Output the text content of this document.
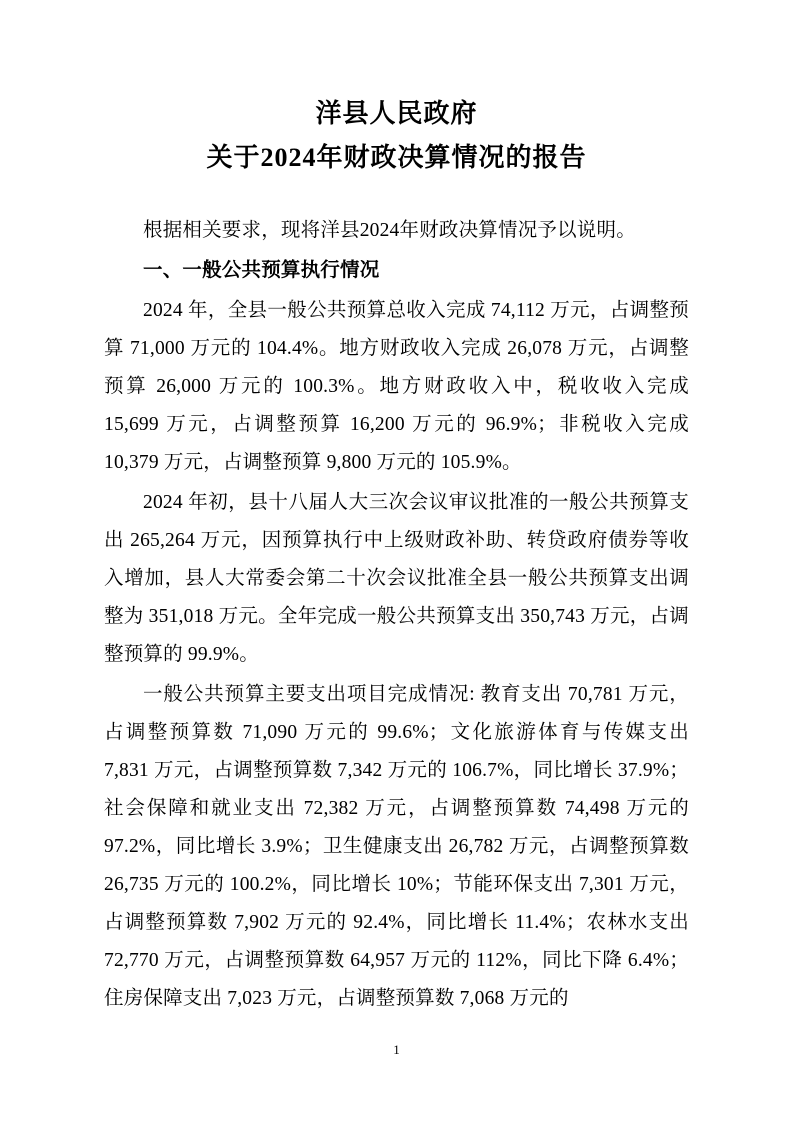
洋县人民政府
关于2024年财政决算情况的报告

根据相关要求，现将洋县2024年财政决算情况予以说明。

一、一般公共预算执行情况

2024 年，全县一般公共预算总收入完成 74,112 万元，占调整预算 71,000 万元的 104.4%。地方财政收入完成 26,078 万元，占调整预算 26,000 万元的 100.3%。地方财政收入中，税收收入完成 15,699 万元，占调整预算 16,200 万元的 96.9%；非税收入完成 10,379 万元，占调整预算 9,800 万元的 105.9%。

2024 年初，县十八届人大三次会议审议批准的一般公共预算支出 265,264 万元，因预算执行中上级财政补助、转贷政府债券等收入增加，县人大常委会第二十次会议批准全县一般公共预算支出调整为 351,018 万元。全年完成一般公共预算支出 350,743 万元，占调整预算的 99.9%。

一般公共预算主要支出项目完成情况: 教育支出 70,781 万元，占调整预算数 71,090 万元的 99.6%；文化旅游体育与传媒支出 7,831 万元，占调整预算数 7,342 万元的 106.7%，同比增长 37.9%；社会保障和就业支出 72,382 万元，占调整预算数 74,498 万元的 97.2%，同比增长 3.9%；卫生健康支出 26,782 万元，占调整预算数 26,735 万元的 100.2%，同比增长 10%；节能环保支出 7,301 万元，占调整预算数 7,902 万元的 92.4%，同比增长 11.4%；农林水支出 72,770 万元，占调整预算数 64,957 万元的 112%，同比下降 6.4%；住房保障支出 7,023 万元，占调整预算数 7,068 万元的

1
